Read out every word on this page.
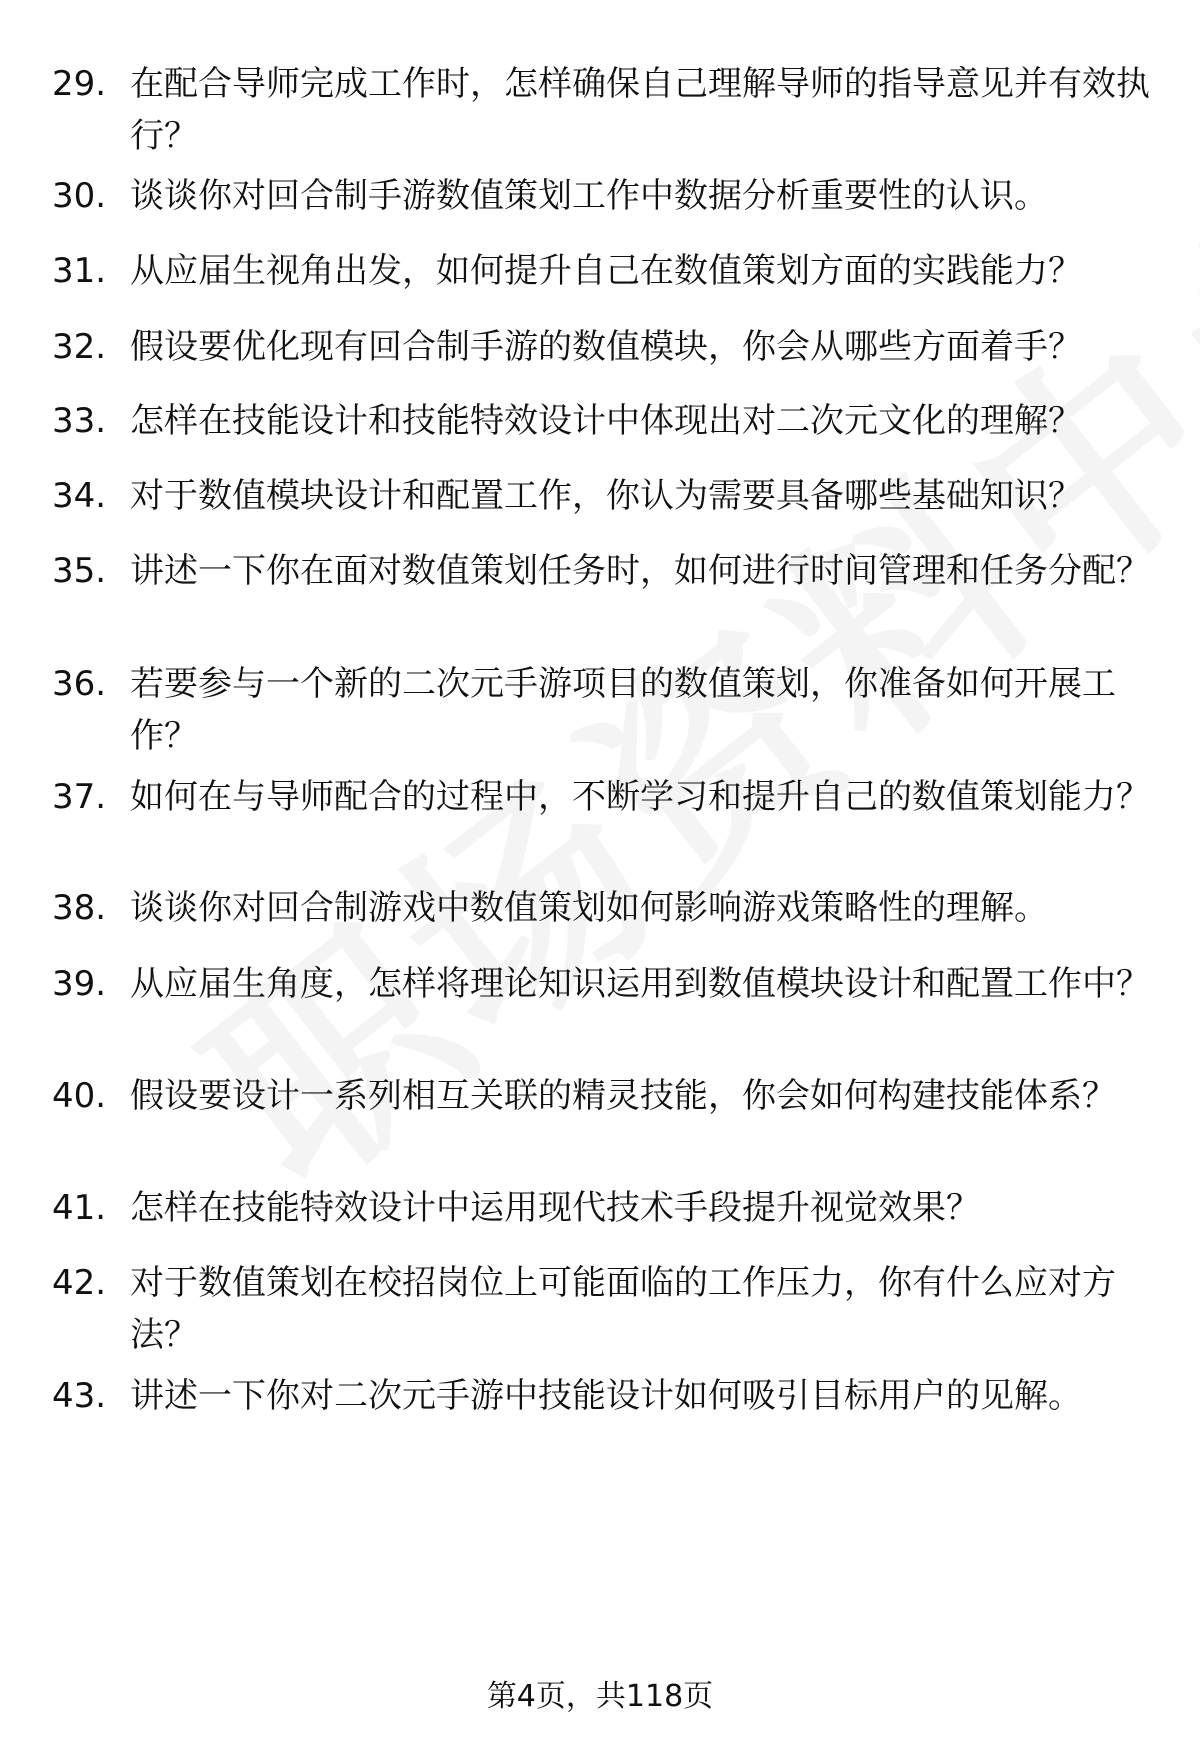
29. 在配合导师完成工作时，怎样确保自己理解导师的指导意见并有效执行？
30. 谈谈你对回合制手游数值策划工作中数据分析重要性的认识。
31. 从应届生视角出发，如何提升自己在数值策划方面的实践能力？
32. 假设要优化现有回合制手游的数值模块，你会从哪些方面着手？
33. 怎样在技能设计和技能特效设计中体现出对二次元文化的理解？
34. 对于数值模块设计和配置工作，你认为需要具备哪些基础知识？
35. 讲述一下你在面对数值策划任务时，如何进行时间管理和任务分配？
36. 若要参与一个新的二次元手游项目的数值策划，你准备如何开展工作？
37. 如何在与导师配合的过程中，不断学习和提升自己的数值策划能力？
38. 谈谈你对回合制游戏中数值策划如何影响游戏策略性的理解。
39. 从应届生角度，怎样将理论知识运用到数值模块设计和配置工作中？
40. 假设要设计一系列相互关联的精灵技能，你会如何构建技能体系？
41. 怎样在技能特效设计中运用现代技术手段提升视觉效果？
42. 对于数值策划在校招岗位上可能面临的工作压力，你有什么应对方法？
43. 讲述一下你对二次元手游中技能设计如何吸引目标用户的见解。
第4页，共118页
